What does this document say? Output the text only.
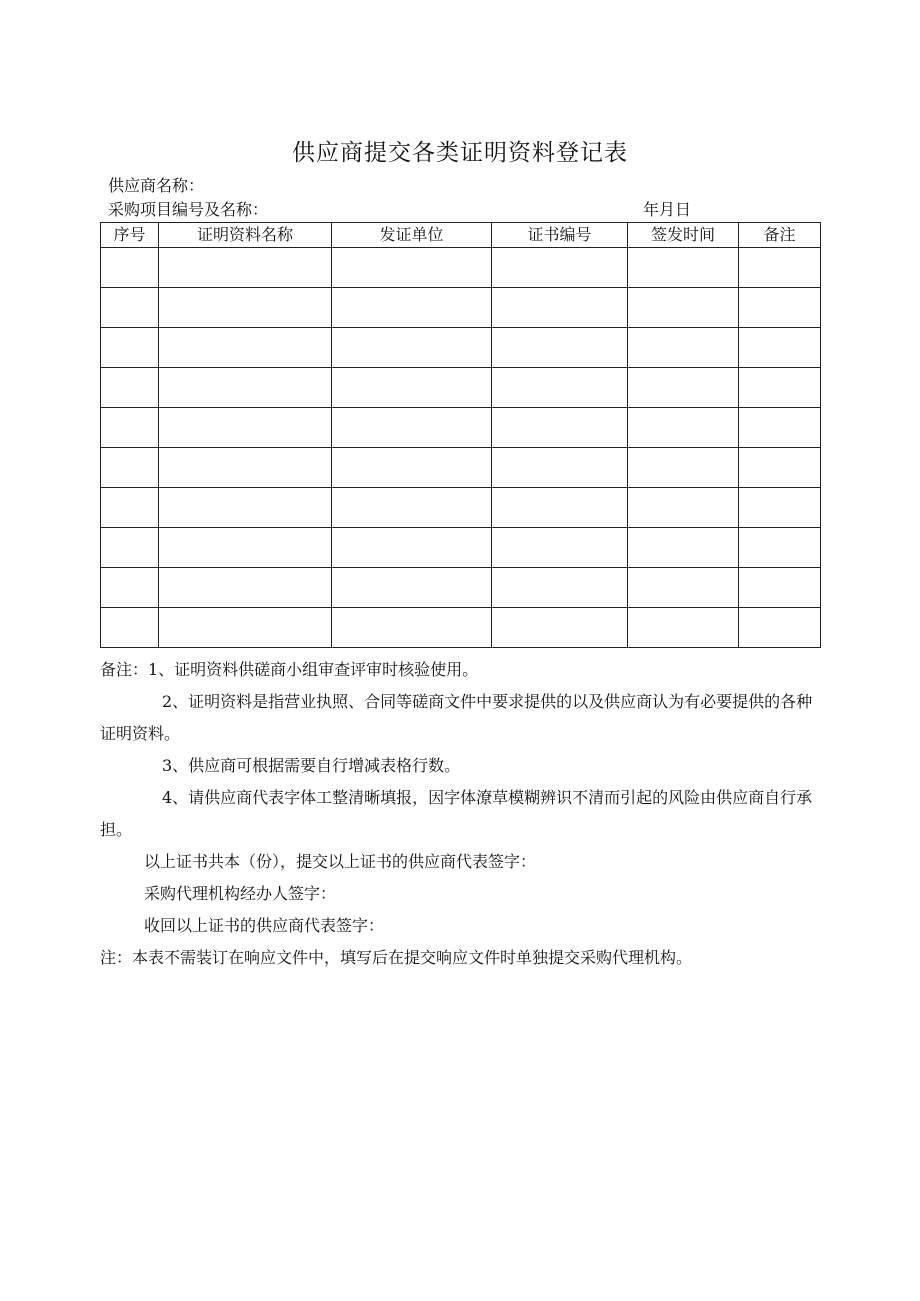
供应商提交各类证明资料登记表
供应商名称：
采购项目编号及名称：	年月日
序号	证明资料名称	发证单位	证书编号	签发时间	备注

备注：1、证明资料供磋商小组审查评审时核验使用。

2、证明资料是指营业执照、合同等磋商文件中要求提供的以及供应商认为有必要提供的各种证明资料。

3、供应商可根据需要自行增减表格行数。

4、请供应商代表字体工整清晰填报，因字体潦草模糊辨识不清而引起的风险由供应商自行承担。

以上证书共本（份），提交以上证书的供应商代表签字：

采购代理机构经办人签字：

收回以上证书的供应商代表签字：

注：本表不需装订在响应文件中，填写后在提交响应文件时单独提交采购代理机构。
